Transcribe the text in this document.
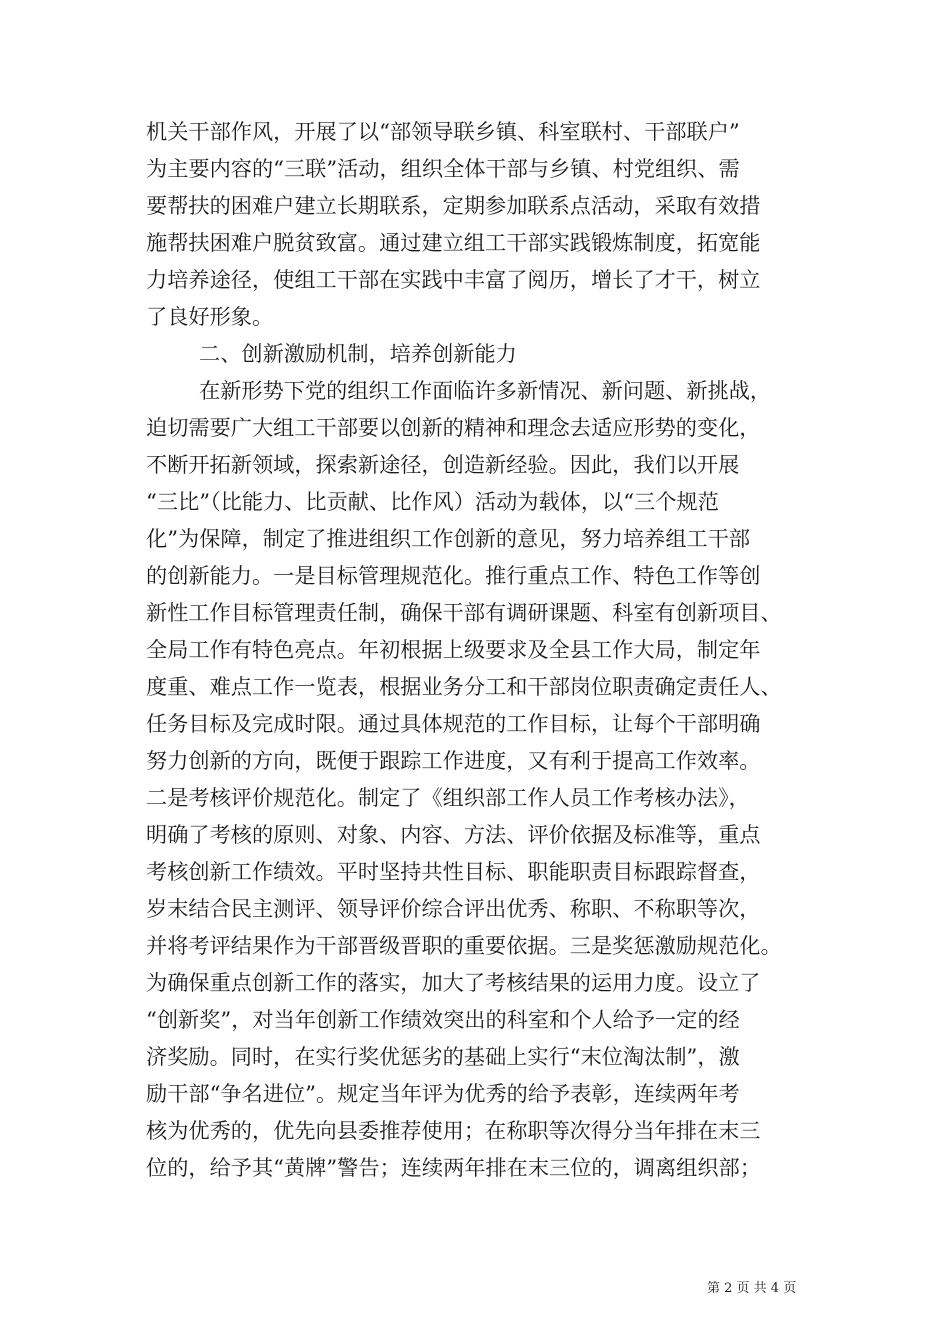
机关干部作风，开展了以“部领导联乡镇、科室联村、干部联户”
为主要内容的“三联”活动，组织全体干部与乡镇、村党组织、需
要帮扶的困难户建立长期联系，定期参加联系点活动，采取有效措
施帮扶困难户脱贫致富。通过建立组工干部实践锻炼制度，拓宽能
力培养途径，使组工干部在实践中丰富了阅历，增长了才干，树立
了良好形象。
二、创新激励机制，培养创新能力
在新形势下党的组织工作面临许多新情况、新问题、新挑战，
迫切需要广大组工干部要以创新的精神和理念去适应形势的变化，
不断开拓新领域，探索新途径，创造新经验。因此，我们以开展
“三比”（比能力、比贡献、比作风）活动为载体，以“三个规范
化”为保障，制定了推进组织工作创新的意见，努力培养组工干部
的创新能力。一是目标管理规范化。推行重点工作、特色工作等创
新性工作目标管理责任制，确保干部有调研课题、科室有创新项目、
全局工作有特色亮点。年初根据上级要求及全县工作大局，制定年
度重、难点工作一览表，根据业务分工和干部岗位职责确定责任人、
任务目标及完成时限。通过具体规范的工作目标，让每个干部明确
努力创新的方向，既便于跟踪工作进度，又有利于提高工作效率。
二是考核评价规范化。制定了《组织部工作人员工作考核办法》，
明确了考核的原则、对象、内容、方法、评价依据及标准等，重点
考核创新工作绩效。平时坚持共性目标、职能职责目标跟踪督查，
岁末结合民主测评、领导评价综合评出优秀、称职、不称职等次，
并将考评结果作为干部晋级晋职的重要依据。三是奖惩激励规范化。
为确保重点创新工作的落实，加大了考核结果的运用力度。设立了
“创新奖”，对当年创新工作绩效突出的科室和个人给予一定的经
济奖励。同时，在实行奖优惩劣的基础上实行“末位淘汰制”，激
励干部“争名进位”。规定当年评为优秀的给予表彰，连续两年考
核为优秀的，优先向县委推荐使用；在称职等次得分当年排在末三
位的，给予其“黄牌”警告；连续两年排在末三位的，调离组织部；
第 2 页 共 4 页
